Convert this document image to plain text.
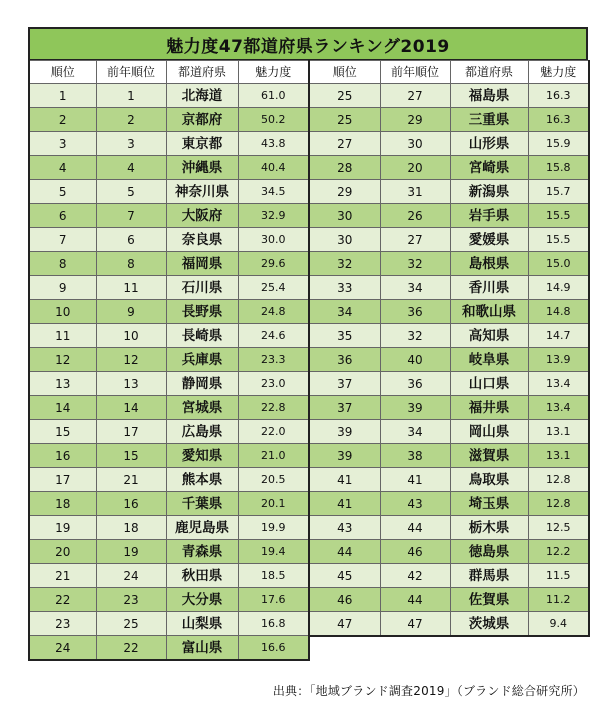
魅力度47都道府県ランキング2019
順位	前年順位	都道府県	魅力度
1	1	北海道	61.0
2	2	京都府	50.2
3	3	東京都	43.8
4	4	沖縄県	40.4
5	5	神奈川県	34.5
6	7	大阪府	32.9
7	6	奈良県	30.0
8	8	福岡県	29.6
9	11	石川県	25.4
10	9	長野県	24.8
11	10	長崎県	24.6
12	12	兵庫県	23.3
13	13	静岡県	23.0
14	14	宮城県	22.8
15	17	広島県	22.0
16	15	愛知県	21.0
17	21	熊本県	20.5
18	16	千葉県	20.1
19	18	鹿児島県	19.9
20	19	青森県	19.4
21	24	秋田県	18.5
22	23	大分県	17.6
23	25	山梨県	16.8
24	22	富山県	16.6
順位	前年順位	都道府県	魅力度
25	27	福島県	16.3
25	29	三重県	16.3
27	30	山形県	15.9
28	20	宮崎県	15.8
29	31	新潟県	15.7
30	26	岩手県	15.5
30	27	愛媛県	15.5
32	32	島根県	15.0
33	34	香川県	14.9
34	36	和歌山県	14.8
35	32	高知県	14.7
36	40	岐阜県	13.9
37	36	山口県	13.4
37	39	福井県	13.4
39	34	岡山県	13.1
39	38	滋賀県	13.1
41	41	鳥取県	12.8
41	43	埼玉県	12.8
43	44	栃木県	12.5
44	46	徳島県	12.2
45	42	群馬県	11.5
46	44	佐賀県	11.2
47	47	茨城県	9.4
出典：「地域ブランド調査2019」（ブランド総合研究所）
